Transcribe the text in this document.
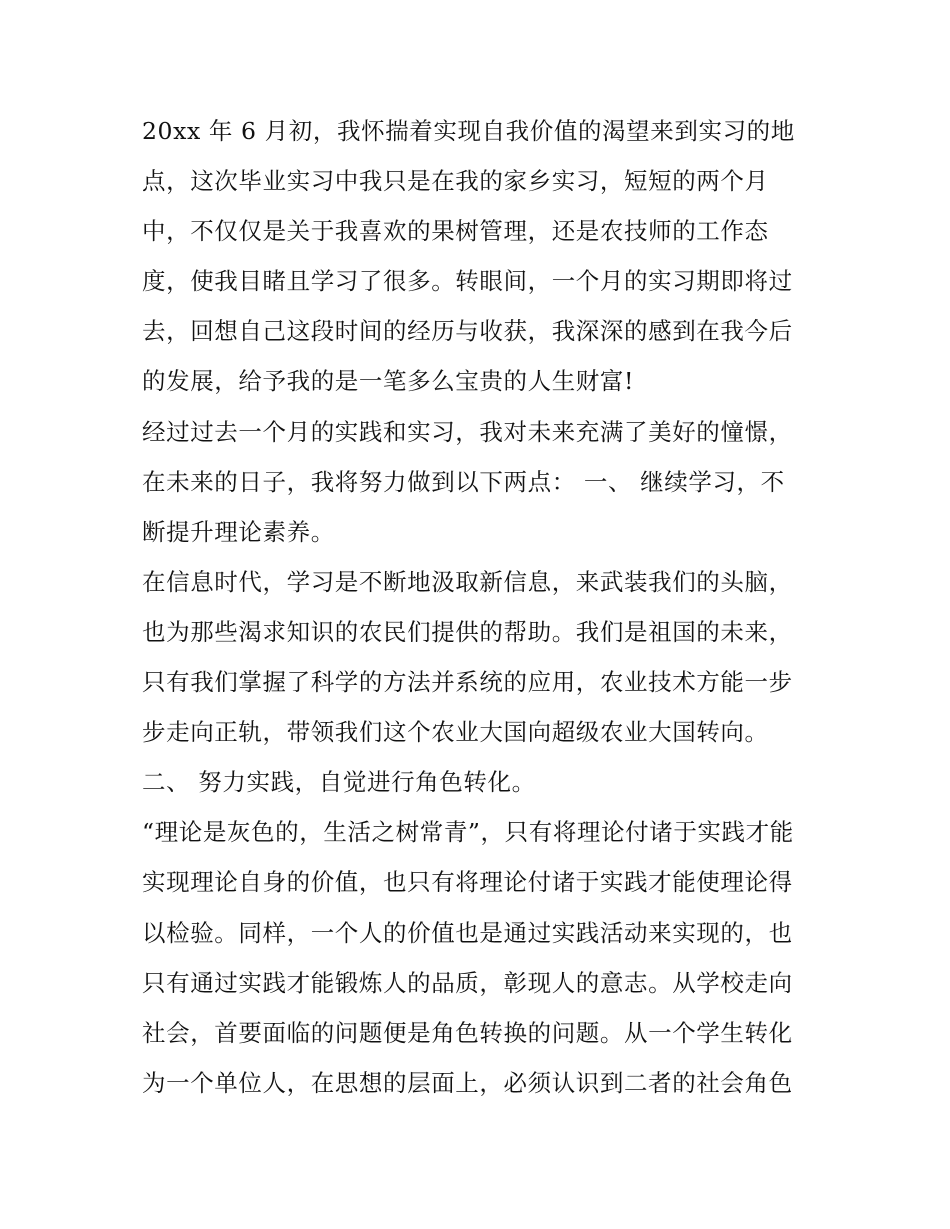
20xx 年 6 月初，我怀揣着实现自我价值的渴望来到实习的地
点，这次毕业实习中我只是在我的家乡实习，短短的两个月
中，不仅仅是关于我喜欢的果树管理，还是农技师的工作态
度，使我目睹且学习了很多。转眼间，一个月的实习期即将过
去，回想自己这段时间的经历与收获，我深深的感到在我今后
的发展，给予我的是一笔多么宝贵的人生财富!
经过过去一个月的实践和实习，我对未来充满了美好的憧憬，
在未来的日子，我将努力做到以下两点： 一、 继续学习，不
断提升理论素养。
在信息时代，学习是不断地汲取新信息，来武装我们的头脑，
也为那些渴求知识的农民们提供的帮助。我们是祖国的未来，
只有我们掌握了科学的方法并系统的应用，农业技术方能一步
步走向正轨，带领我们这个农业大国向超级农业大国转向。
二、 努力实践，自觉进行角色转化。
“理论是灰色的，生活之树常青”，只有将理论付诸于实践才能
实现理论自身的价值，也只有将理论付诸于实践才能使理论得
以检验。同样，一个人的价值也是通过实践活动来实现的，也
只有通过实践才能锻炼人的品质，彰现人的意志。从学校走向
社会，首要面临的问题便是角色转换的问题。从一个学生转化
为一个单位人，在思想的层面上，必须认识到二者的社会角色
